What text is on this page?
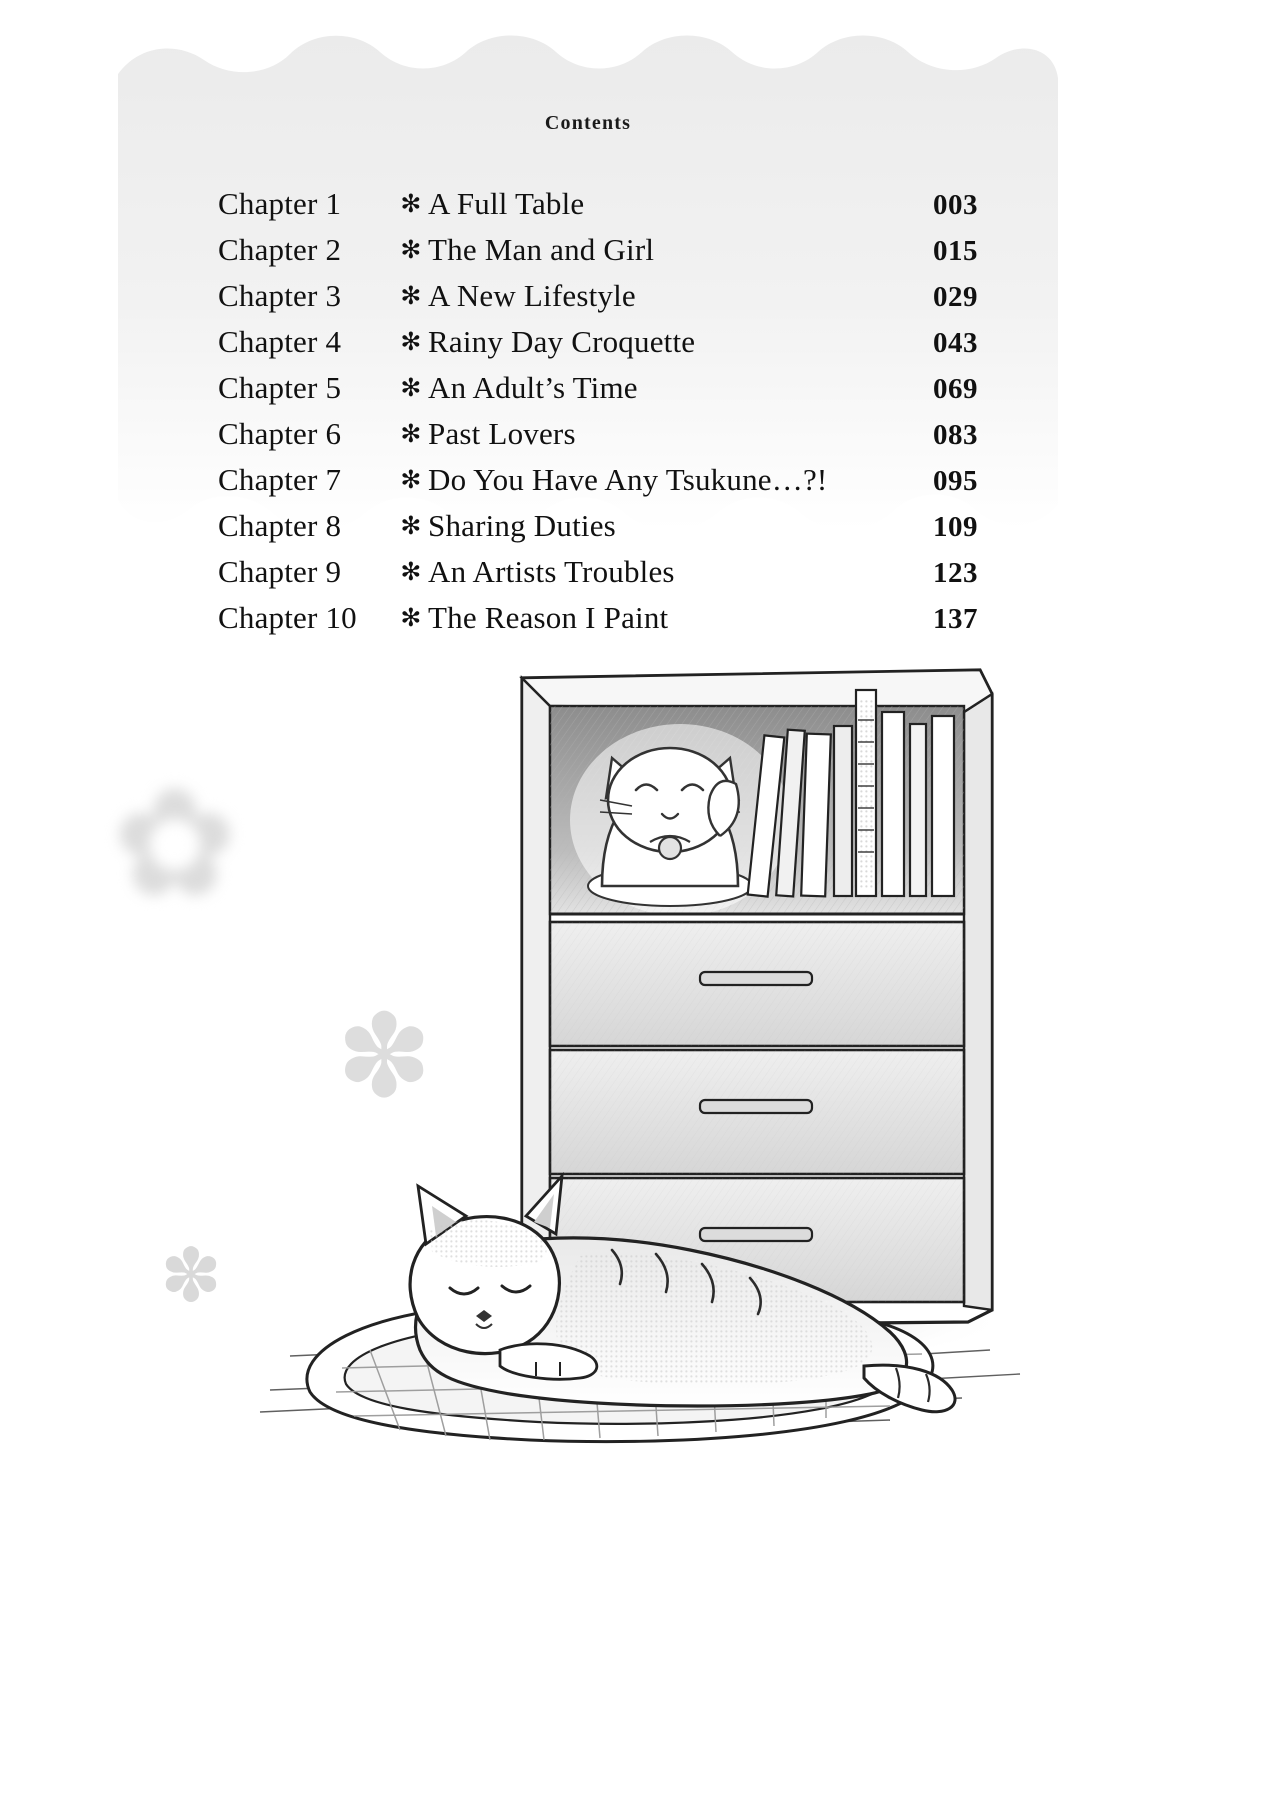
Contents
Chapter 1	✻ A Full Table	003
Chapter 2	✻ The Man and Girl	015
Chapter 3	✻ A New Lifestyle	029
Chapter 4	✻ Rainy Day Croquette	043
Chapter 5	✻ An Adult’s Time	069
Chapter 6	✻ Past Lovers	083
Chapter 7	✻ Do You Have Any Tsukune…?!	095
Chapter 8	✻ Sharing Duties	109
Chapter 9	✻ An Artists Troubles	123
Chapter 10	✻ The Reason I Paint	137
✿
✽
✽
